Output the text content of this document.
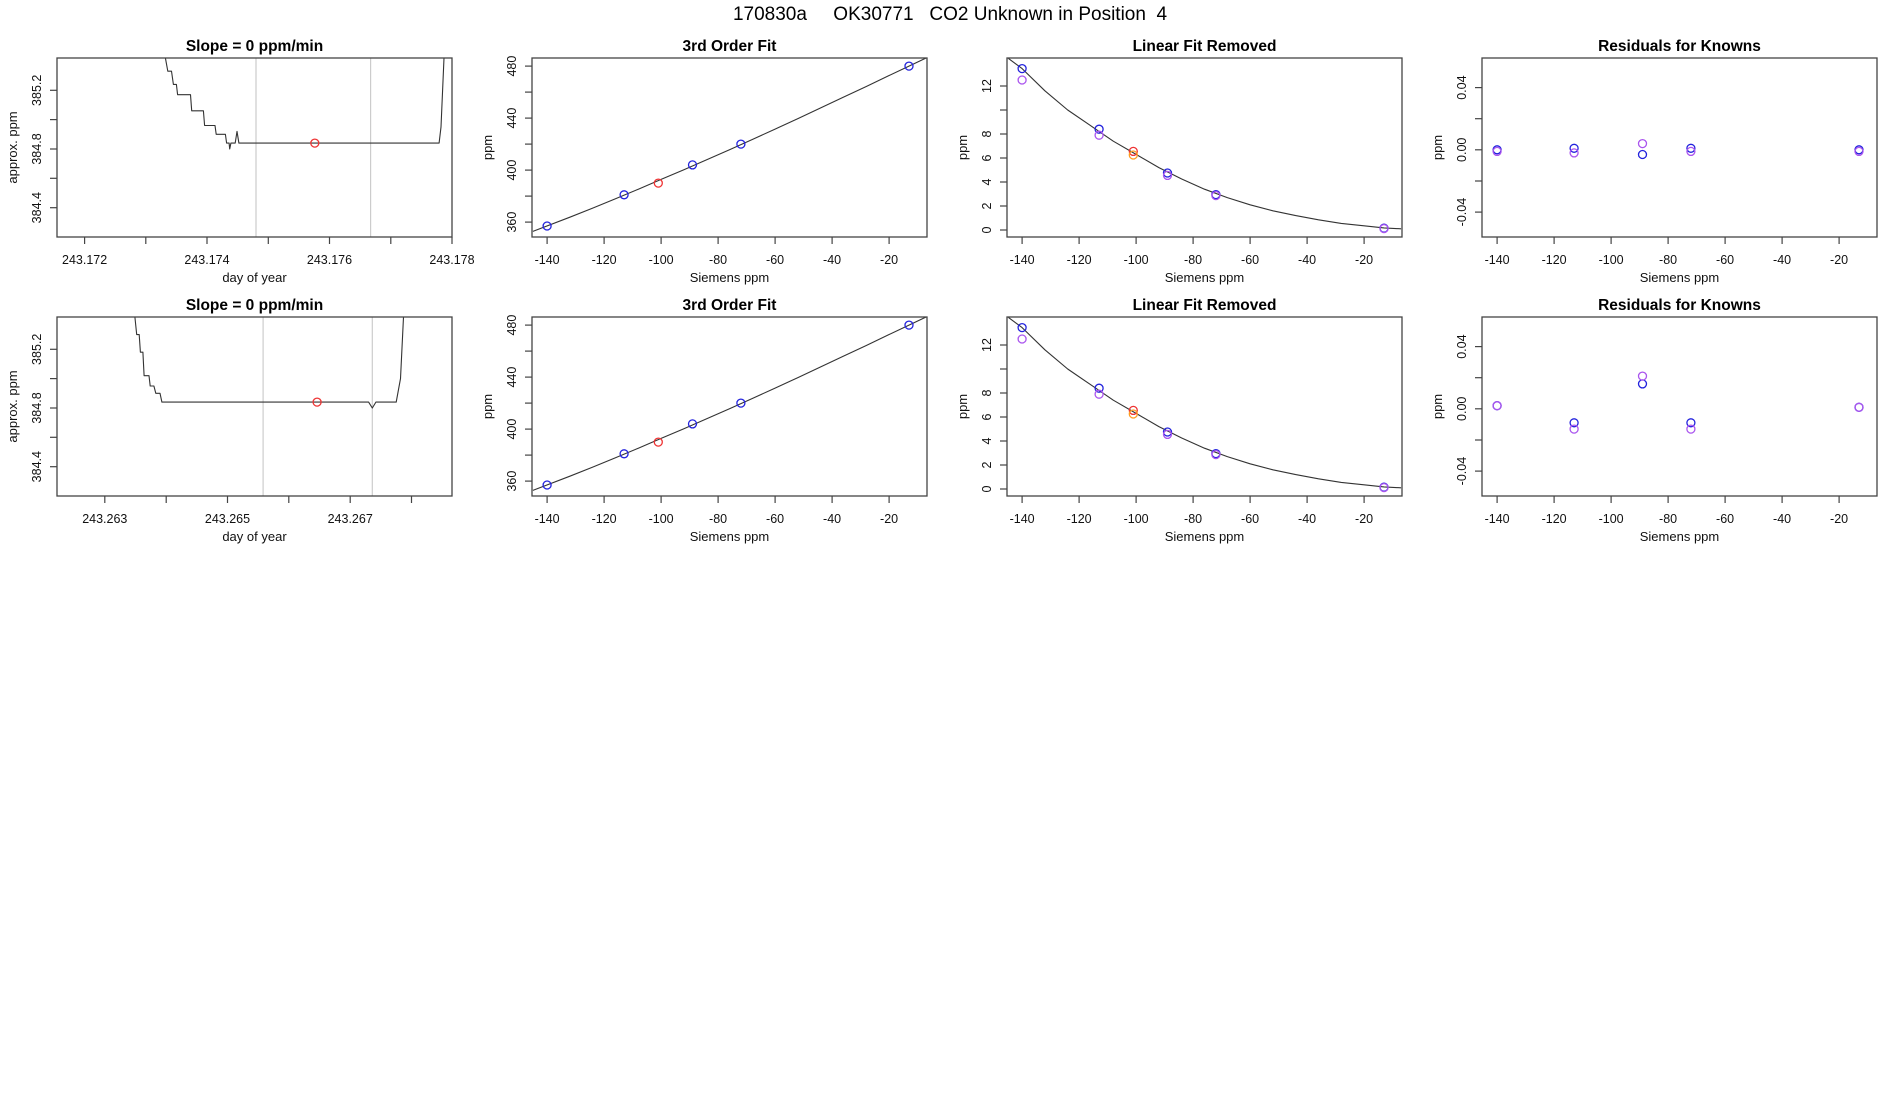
170830a     OK30771   CO2 Unknown in Position  4
243.172	243.174	243.176	243.178
384.4
384.8
385.2
Slope = 0 ppm/min
day of year
approx. ppm
-140	-120	-100	-80	-60	-40	-20
360
400
440
480
3rd Order Fit
Siemens ppm
ppm
-140	-120	-100	-80	-60	-40	-20
0
2
4
6
8
12
Linear Fit Removed
Siemens ppm
ppm
-140	-120	-100	-80	-60	-40	-20
-0.04
0.00
0.04
Residuals for Knowns
Siemens ppm
ppm
243.263	243.265	243.267
384.4
384.8
385.2
Slope = 0 ppm/min
day of year
approx. ppm
-140	-120	-100	-80	-60	-40	-20
360
400
440
480
3rd Order Fit
Siemens ppm
ppm
-140	-120	-100	-80	-60	-40	-20
0
2
4
6
8
12
Linear Fit Removed
Siemens ppm
ppm
-140	-120	-100	-80	-60	-40	-20
-0.04
0.00
0.04
Residuals for Knowns
Siemens ppm
ppm
